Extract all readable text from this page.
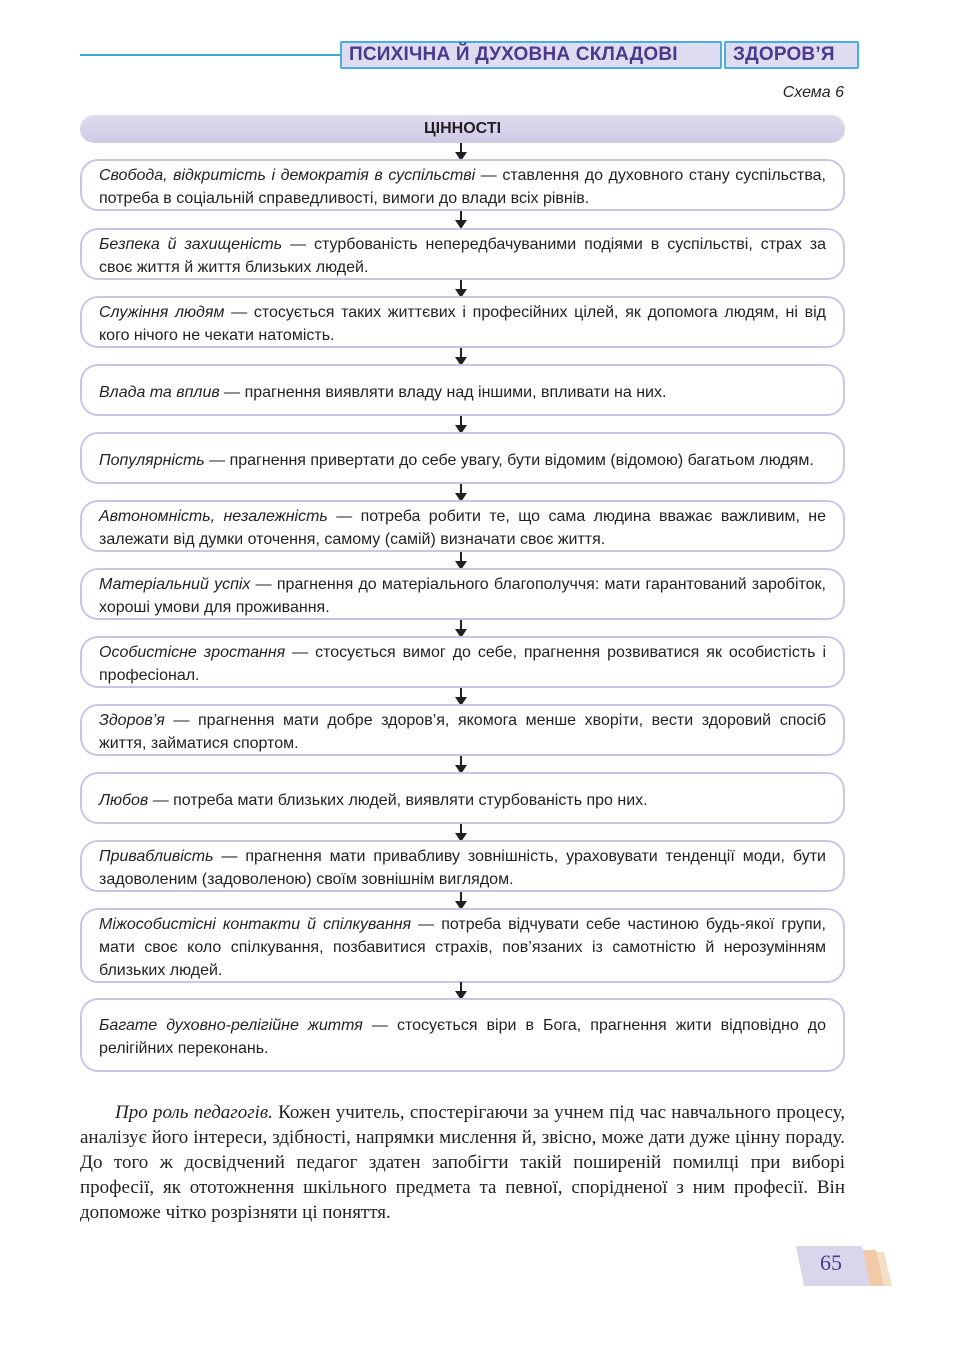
ПСИХІЧНА Й ДУХОВНА СКЛАДОВІ	ЗДОРОВ’Я
Схема 6
ЦІННОСТІ
Свобода, відкритість і демократія в суспільстві — ставлення до духовного стану суспільства, потреба в соціальній справедливості, вимоги до влади всіх рівнів.
Безпека й захищеність — стурбованість непередбачуваними подіями в суспільстві, страх за своє життя й життя близьких людей.
Служіння людям — стосується таких життєвих і професійних цілей, як допомога людям, ні від кого нічого не чекати натомість.
Влада та вплив — прагнення виявляти владу над іншими, впливати на них.
Популярність — прагнення привертати до себе увагу, бути відомим (відомою) багатьом людям.
Автономність, незалежність — потреба робити те, що сама людина вважає важливим, не залежати від думки оточення, самому (самій) визначати своє життя.
Матеріальний успіх — прагнення до матеріального благополуччя: мати гарантований заробіток, хороші умови для проживання.
Особистісне зростання — стосується вимог до себе, прагнення розвиватися як особистість і професіонал.
Здоров’я — прагнення мати добре здоров’я, якомога менше хворіти, вести здоровий спосіб життя, займатися спортом.
Любов — потреба мати близьких людей, виявляти стурбованість про них.
Привабливість — прагнення мати привабливу зовнішність, ураховувати тенденції моди, бути задоволеним (задоволеною) своїм зовнішнім виглядом.
Міжособистісні контакти й спілкування — потреба відчувати себе частиною будь-якої групи, мати своє коло спілкування, позбавитися страхів, пов’язаних із самотністю й нерозумінням близьких людей.
Багате духовно-релігійне життя — стосується віри в Бога, прагнення жити відповідно до релігійних переконань.
Про роль педагогів. Кожен учитель, спостерігаючи за учнем під час навчального процесу, аналізує його інтереси, здібності, напрямки мислення й, звісно, може дати дуже цінну пораду. До того ж досвідчений педагог здатен запобігти такій поширеній помилці при виборі професії, як ототожнення шкільного предмета та певної, спорідненої з ним професії. Він допоможе чітко розрізняти ці поняття.
65
